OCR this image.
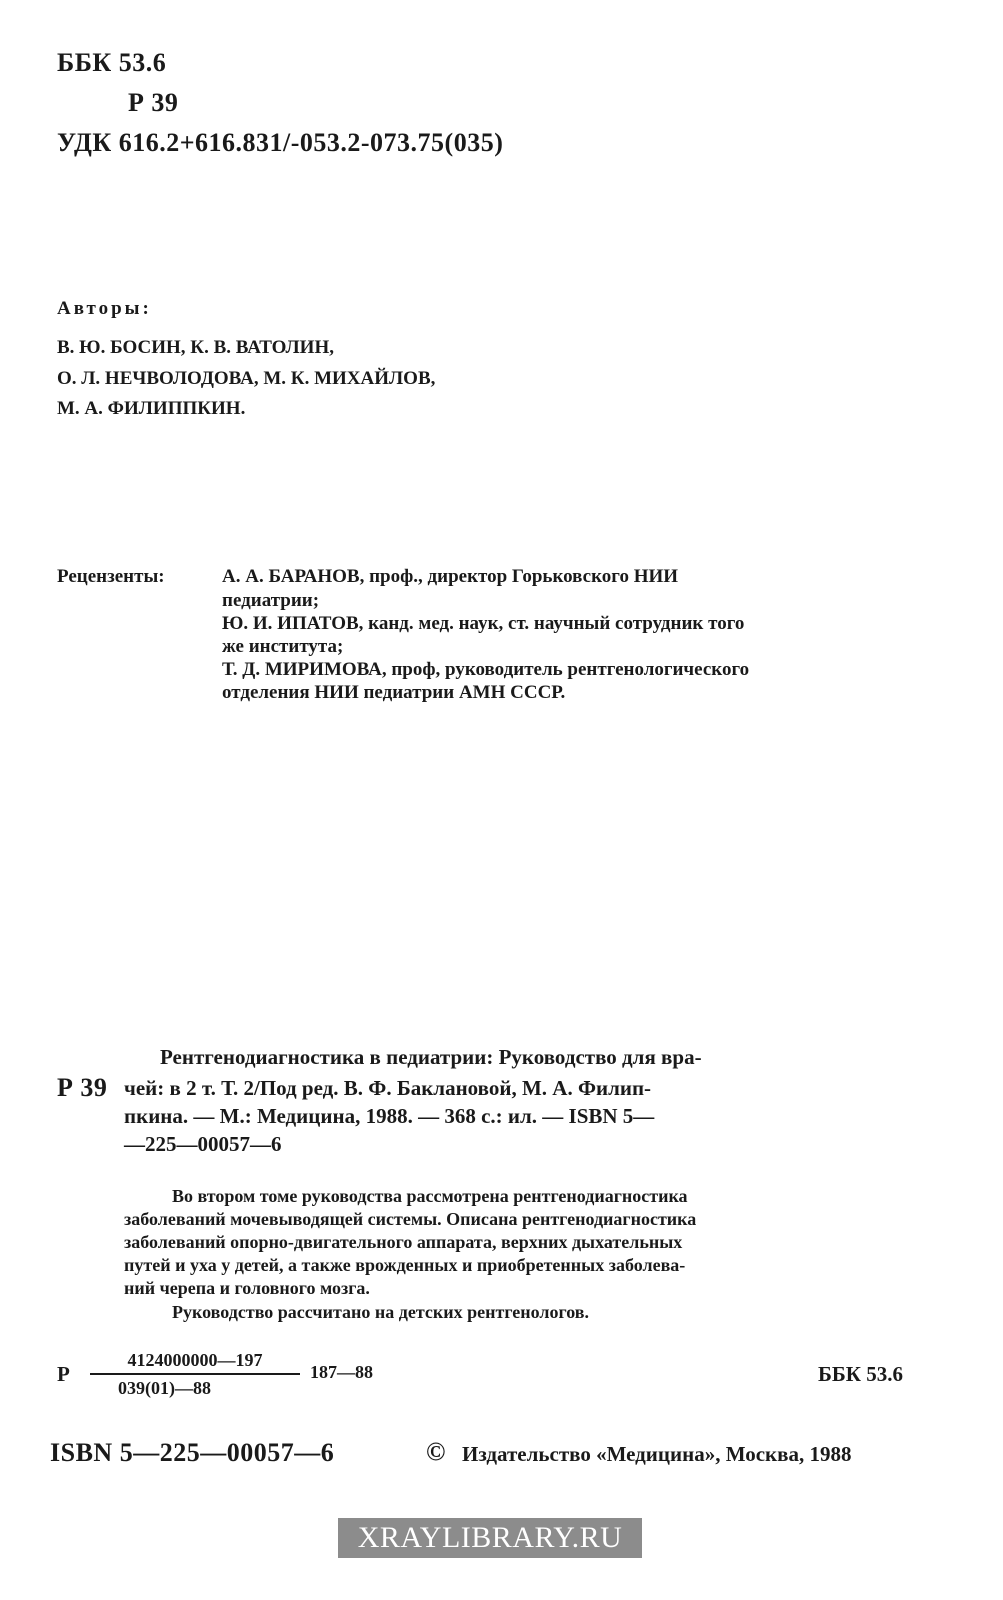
ББК 53.6
Р 39
УДК 616.2+616.831/-053.2-073.75(035)
Авторы:
В. Ю. БОСИН, К. В. ВАТОЛИН,
О. Л. НЕЧВОЛОДОВА, М. К. МИХАЙЛОВ,
М. А. ФИЛИППКИН.
Рецензенты:	А. А. БАРАНОВ, проф., директор Горьковского НИИ
педиатрии;
Ю. И. ИПАТОВ, канд. мед. наук, ст. научный сотрудник того
же института;
Т. Д. МИРИМОВА, проф, руководитель рентгенологического
отделения НИИ педиатрии АМН СССР.
Р 39
Рентгенодиагностика в педиатрии: Руководство для вра-
чей: в 2 т. Т. 2/Под ред. В. Ф. Баклановой, М. А. Филип-
пкина. — М.: Медицина, 1988. — 368 с.: ил. — ISBN 5—
—225—00057—6
Во втором томе руководства рассмотрена рентгенодиагностика
заболеваний мочевыводящей системы. Описана рентгенодиагностика
заболеваний опорно-двигательного аппарата, верхних дыхательных
путей и уха у детей, а также врожденных и приобретенных заболева-
ний черепа и головного мозга.
Руководство рассчитано на детских рентгенологов.
Р
4124000000—197
039(01)—88
187—88	ББК 53.6
ISBN 5—225—00057—6	© Издательство «Медицина», Москва, 1988
XRAYLIBRARY.RU
